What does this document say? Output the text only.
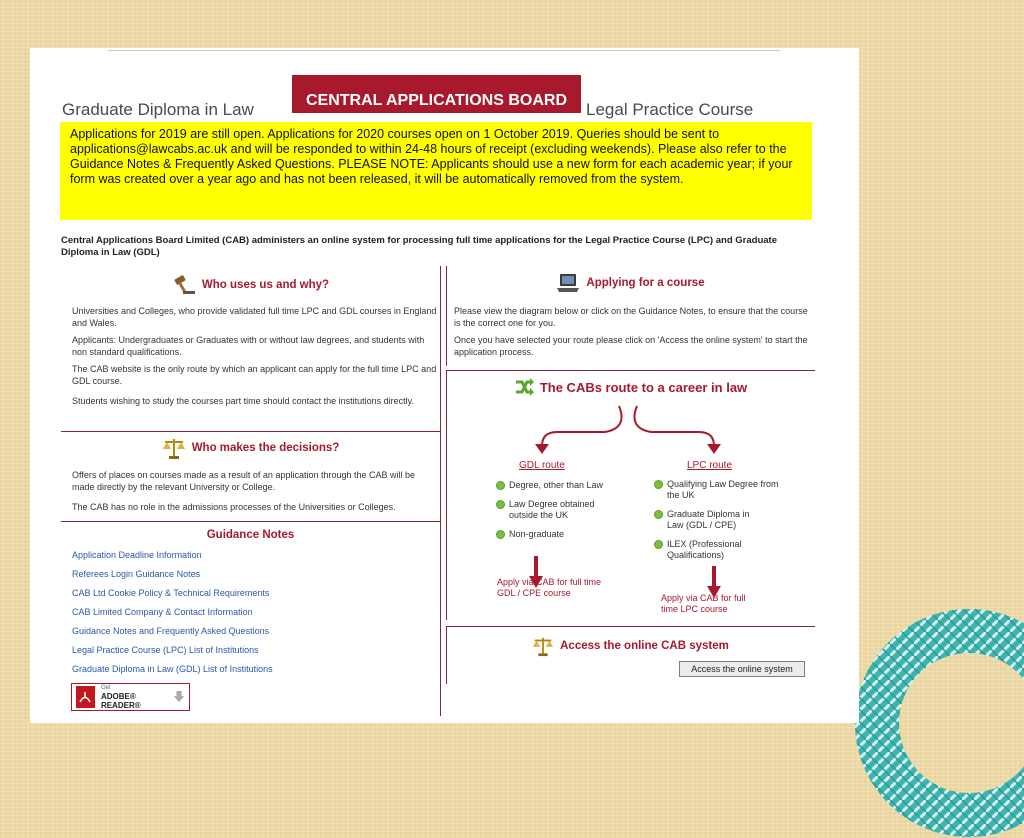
Graduate Diploma in Law	CENTRAL APPLICATIONS BOARD	Legal Practice Course
Applications for 2019 are still open. Applications for 2020 courses open on 1 October 2019. Queries should be sent to applications@lawcabs.ac.uk and will be responded to within 24-48 hours of receipt (excluding weekends). Please also refer to the Guidance Notes & Frequently Asked Questions. PLEASE NOTE: Applicants should use a new form for each academic year; if your form was created over a year ago and has not been released, it will be automatically removed from the system.
Central Applications Board Limited (CAB) administers an online system for processing full time applications for the Legal Practice Course (LPC) and Graduate Diploma in Law (GDL)
Who uses us and why?

Universities and Colleges, who provide validated full time LPC and GDL courses in England and Wales.

Applicants: Undergraduates or Graduates with or without law degrees, and students with non standard qualifications.

The CAB website is the only route by which an applicant can apply for the full time LPC and GDL course.

Students wishing to study the courses part time should contact the institutions directly.

Who makes the decisions?

Offers of places on courses made as a result of an application through the CAB will be made directly by the relevant University or College.

The CAB has no role in the admissions processes of the Universities or Colleges.

Guidance Notes
Application Deadline Information
Referees Login Guidance Notes
CAB Ltd Cookie Policy & Technical Requirements
CAB Limited Company & Contact Information
Guidance Notes and Frequently Asked Questions
Legal Practice Course (LPC) List of Institutions
Graduate Diploma in Law (GDL) List of Institutions
Get
ADOBE® READER®
Applying for a course

Please view the diagram below or click on the Guidance Notes, to ensure that the course is the correct one for you.

Once you have selected your route please click on 'Access the online system' to start the application process.

The CABs route to a career in law
GDL route
Degree, other than Law
Law Degree obtained outside the UK
Non-graduate
Apply via CAB for full time GDL / CPE course
LPC route
Qualifying Law Degree from the UK
Graduate Diploma in Law (GDL / CPE)
ILEX (Professional Qualifications)
Apply via CAB for full time LPC course
Access the online CAB system
Access the online system
